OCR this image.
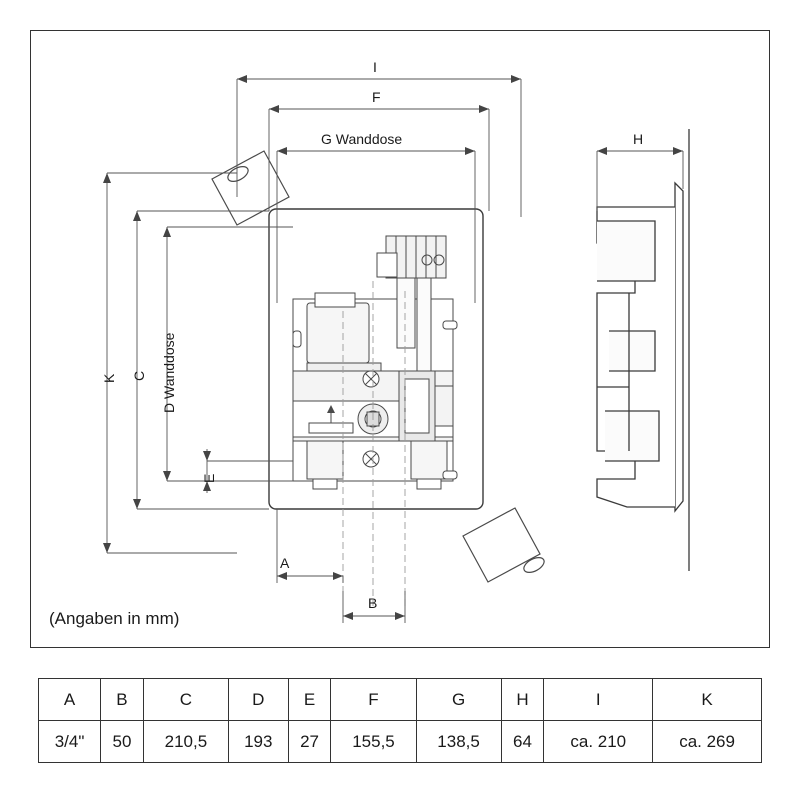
I
F
G Wanddose
K C D Wanddose
E
A
B
H
(Angaben in mm)
A	B	C	D	E	F	G	H	I	K
3/4"	50	210,5	193	27	155,5	138,5	64	ca. 210	ca. 269
